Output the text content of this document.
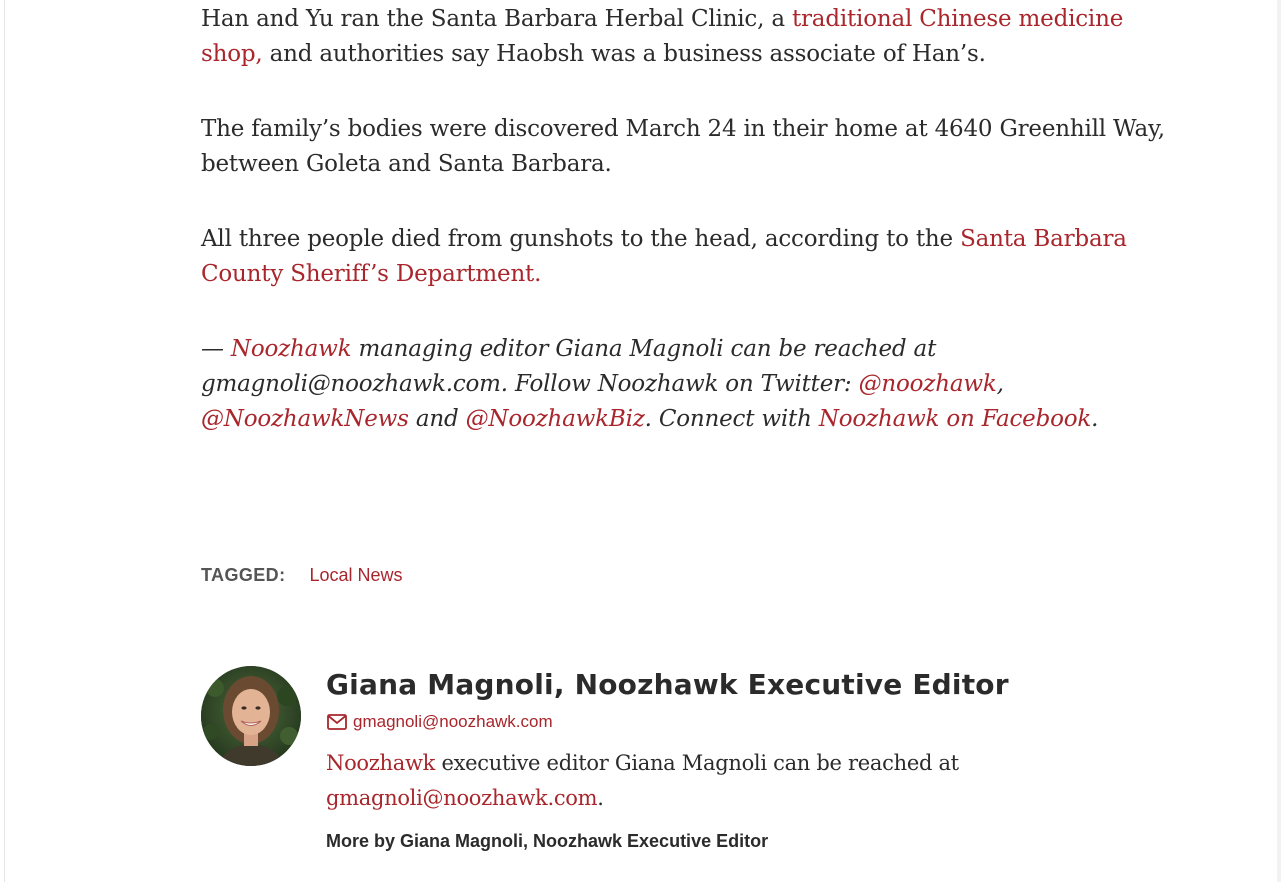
Han and Yu ran the Santa Barbara Herbal Clinic, a traditional Chinese medicine shop, and authorities say Haobsh was a business associate of Han’s.

The family’s bodies were discovered March 24 in their home at 4640 Greenhill Way, between Goleta and Santa Barbara.

All three people died from gunshots to the head, according to the Santa Barbara County Sheriff’s Department.

— Noozhawk managing editor Giana Magnoli can be reached at gmagnoli@noozhawk.com. Follow Noozhawk on Twitter: @noozhawk, @NoozhawkNews and @NoozhawkBiz. Connect with Noozhawk on Facebook.

TAGGED: Local News
Giana Magnoli, Noozhawk Executive Editor
gmagnoli@noozhawk.com
Noozhawk executive editor Giana Magnoli can be reached at gmagnoli@noozhawk.com.
More by Giana Magnoli, Noozhawk Executive Editor
